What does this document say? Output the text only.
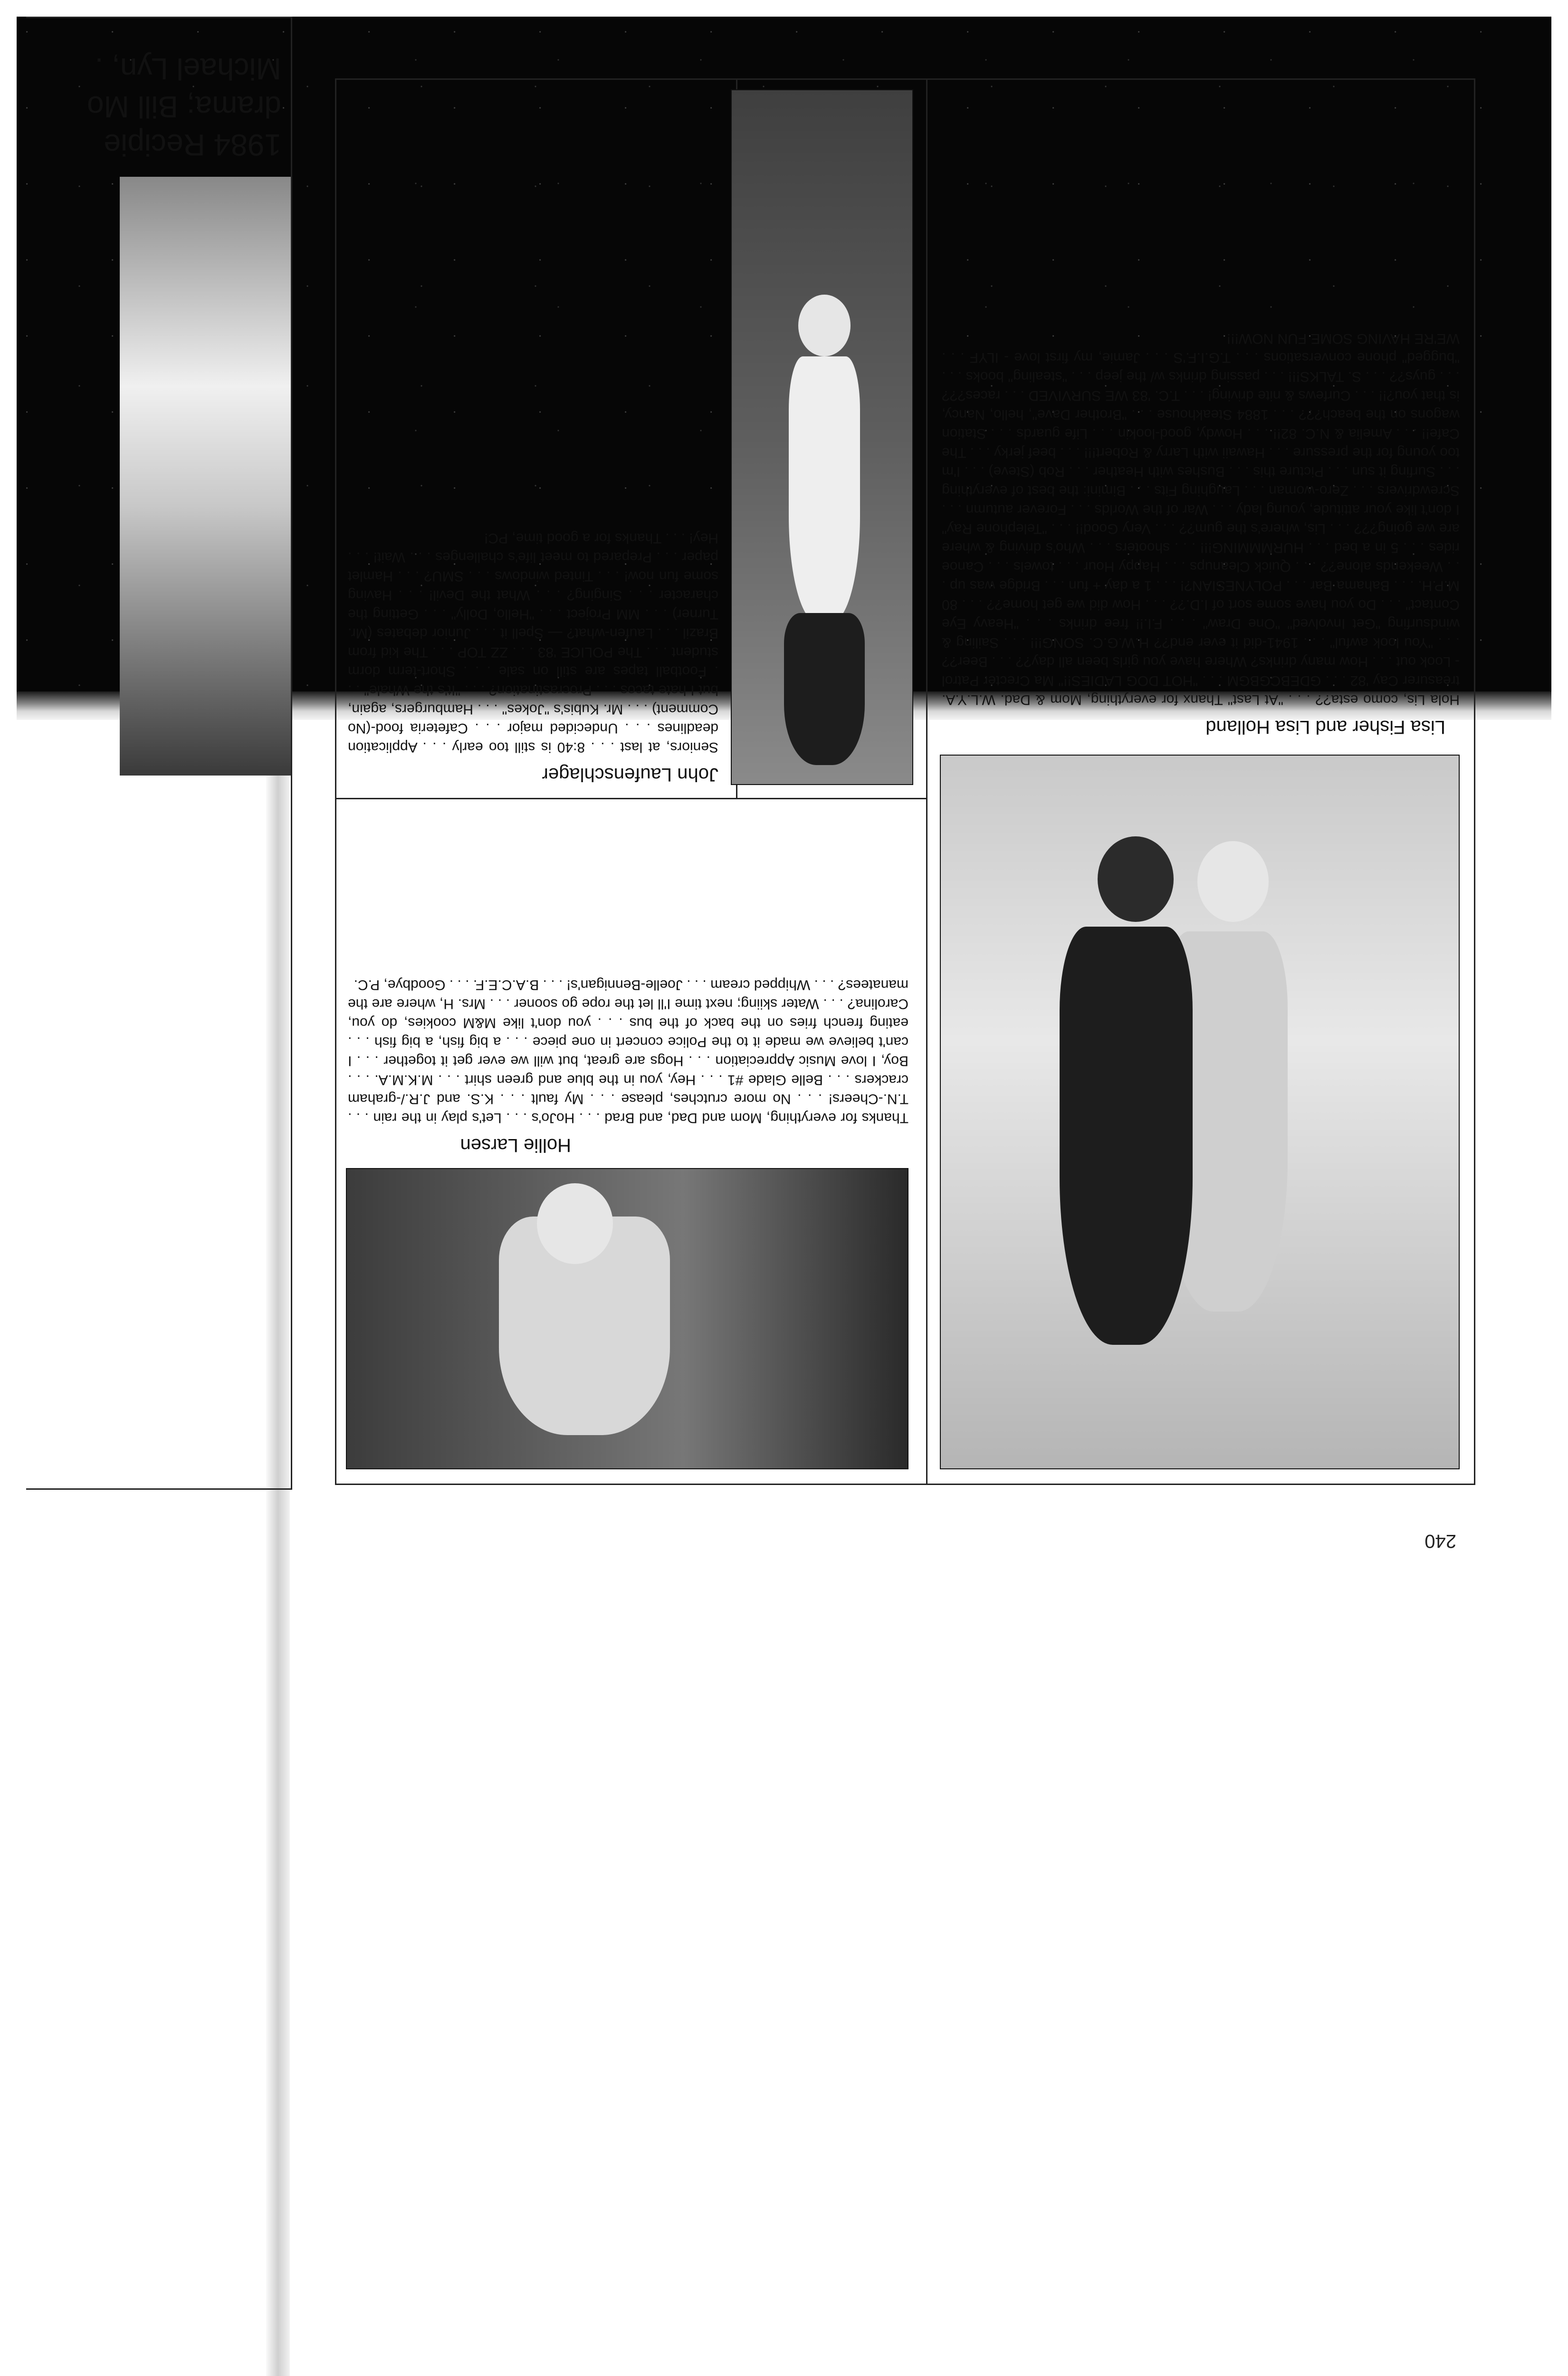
240

Lisa Fisher and Lisa Holland

Hola Lis, como esta?? . . . "At Last" Thanx for everything, Mom & Dad. W.L.Y.A. treasurer Cay '82 . . . GDEBCGBGM . . . "HOT DOG LADIES!!" Ma Crecter Patrol - Look out . . . How many drinks? Where have you girls been all day?? . . . Beer?? . . . "You look awful" . . . 1941-did it ever end?? H.W.G.C. SONG!!! . . . Sailing & windsurfing "Get Involved" "One Draw" . . . F.I.!! free drinks . . . "Heavy Eye Contact" . . . Do you have some sort of I.D.?? . . . How did we get home?? . . . 80 M.P.H. . . . Bahama Bar . . . POLYNESIAN?! . . . 1 a day + fun . . . Bridge was up . . . Weekends alone?? . . . Quick Cleanups . . . Happy Hour . . . towels . . . Canoe rides . . . 5 in a bed . . . HURMMMING!!! . . . shooters . . . Who's driving & where are we going??? . . . Lis, where's the gum?? . . . Very Good!! . . . "Telephone Ray" I don't like your attitude, young lady . . . War of the Worlds . . . Forever autumn . . . Screwdrivers . . . Zero-woman . . . Laughing Fits . . . Bimini: the best of everything . . . Surfing it sun . . . Picture this . . . Bushes with Heather . . . Rob (Steve) . . . I'm too young for the pressure . . . Hawaii with Larry & Robert!!! . . . beef jerky . . . The Cafe!! . . . Amelia & N.C. 82!! . . . Howdy, good-lookin . . . Life guards . . . Station wagons on the beach??? . . . 1884 Steakhouse . . . "Brother Dave", hello, Nancy, is that you?!! . . . Curfews & nite driving! . . . T.C. '83 WE SURVIVED . . . races??? . . . guys?? . . . S. TALKS!!! . . . passing drinks w/ the jeep . . . "stealing" books . . . "bugged" phone conversations . . . T.G.I.F.'S . . . Jamie, my first love - ILYF . . . WE'RE HAVING SOME FUN NOW!!!

John Laufenschlager

Seniors, at last . . . 8:40 is still too early . . . Application deadlines . . . Undecided major . . . Cafeteria food-(No Comment) . . . Mr. Kubis's "Jokes" . . . Hamburgers, again, but I hate tacos . . . Procrastination? . . . "It's the Whale" . . . Football tapes are still on sale . . . Short-term dorm student . . . The POLICE '83 . . . ZZ TOP . . . The kid from Brazil . . . Laufen-what? — Spell it . . . Junior debates (Mr. Turner) . . . MM Project . . . "Hello, Dolly" . . . Getting the character . . . Singing? . . . What the Devil! . . . Having some fun now! . . . Tinted windows . . . SMU? . . . Hamlet paper . . . Prepared to meet life's challenges . . . Wait! . . . Hey! . . . Thanks for a good time, PC!

Hollie Larsen

Thanks for everything, Mom and Dad, and Brad . . . HoJo's . . . Let's play in the rain . . . T.N.-Cheers! . . . No more crutches, please . . . My fault . . . K.S. and J.R./-graham crackers . . . Belle Glade #1 . . . Hey, you in the blue and green shirt . . . M.K.M.A. . . . Boy, I love Music Appreciation . . . Hogs are great, but will we ever get it together . . . I can't believe we made it to the Police concert in one piece . . . a big fish, a big fish . . . eating french fries on the back of the bus . . . you don't like M&M cookies, do you, Carolina? . . . Water skiing; next time I'll let the rope go sooner . . . Mrs. H, where are the manatees? . . . Whipped cream . . . Joelle-Bennigan's! . . . B.A.C.E.F. . . . Goodbye, P.C.

1984 Recipie

drama; Bill Mo

Michael Lyn, .
